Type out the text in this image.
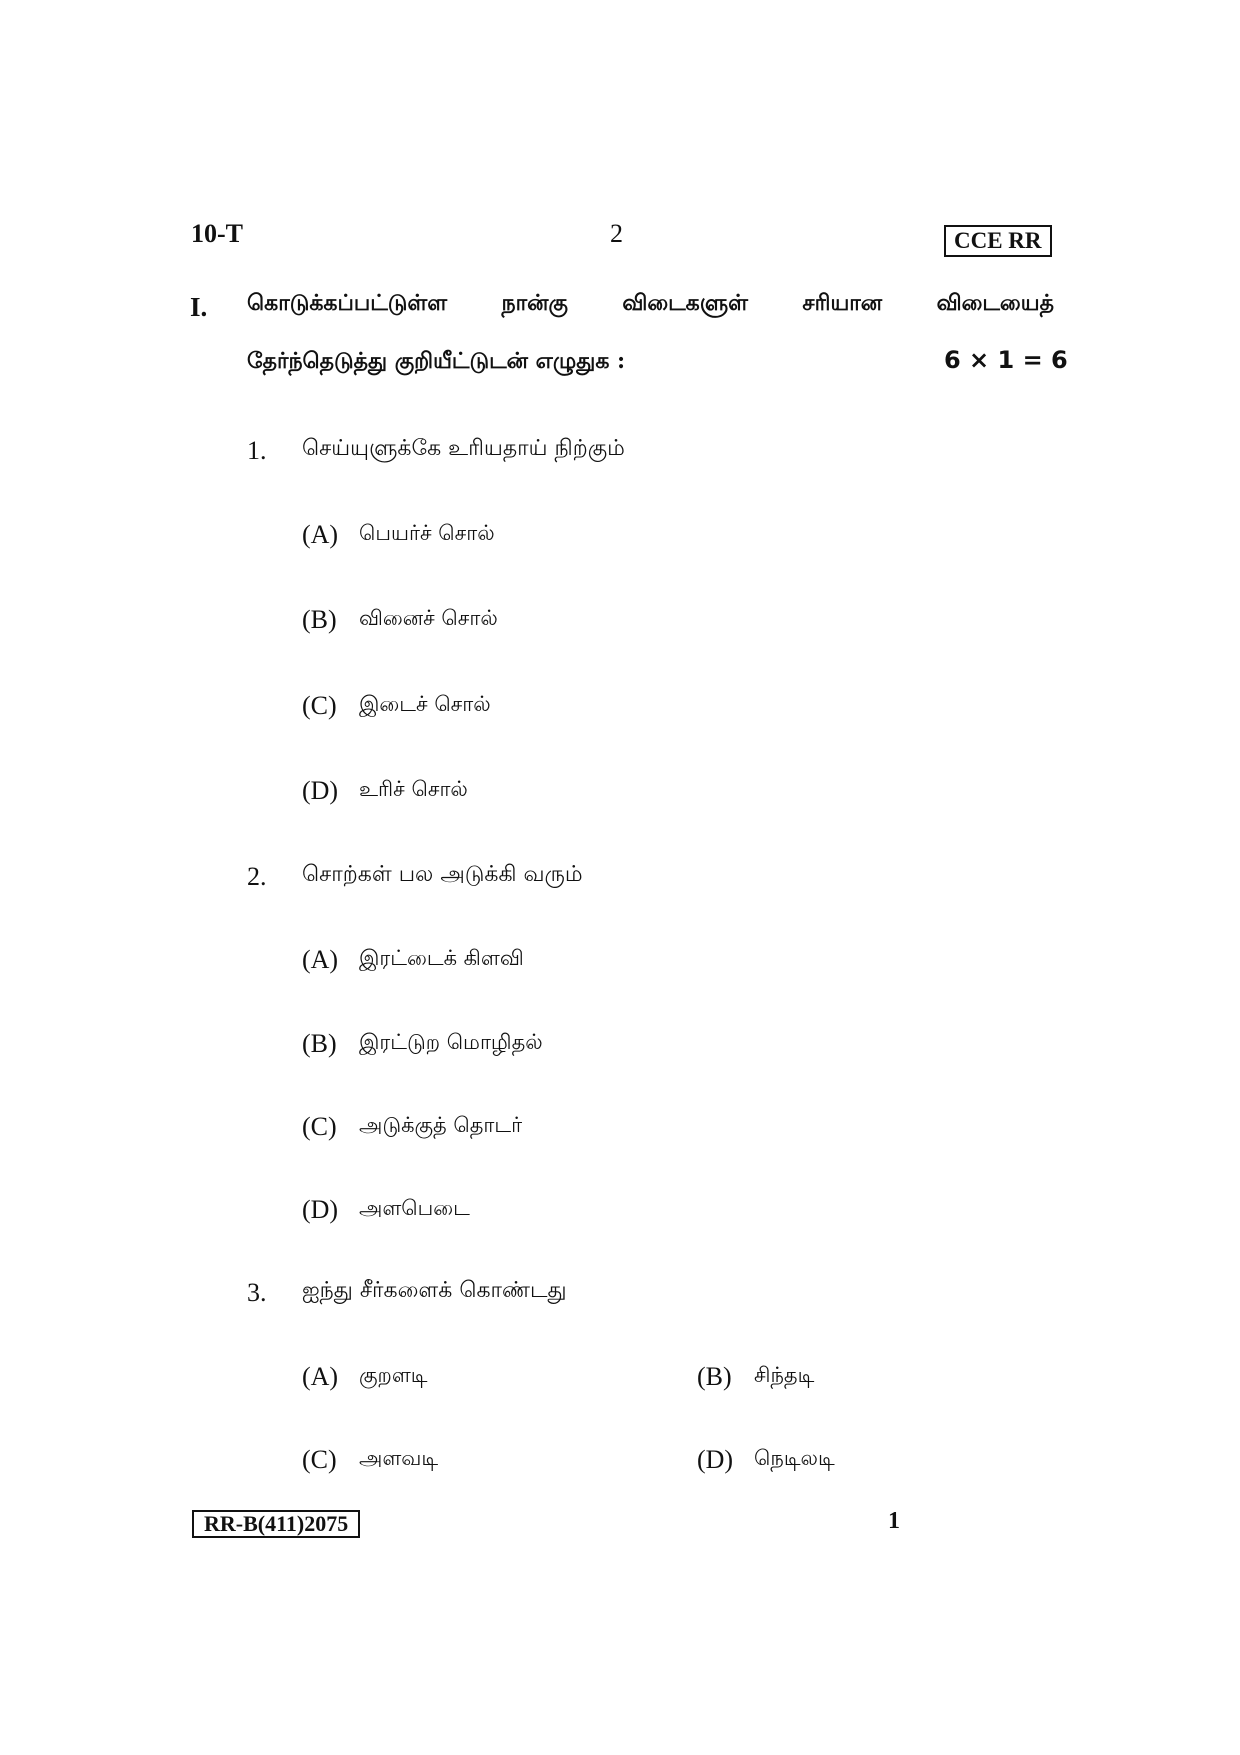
10-T	2	CCE RR
I. கொடுக்கப்பட்டுள்ள நான்கு விடைகளுள் சரியான விடையைத்
தேர்ந்தெடுத்து குறியீட்டுடன் எழுதுக :	6 × 1 = 6
1. செய்யுளுக்கே உரியதாய் நிற்கும்
(A) பெயர்ச் சொல்
(B) வினைச் சொல்
(C) இடைச் சொல்
(D) உரிச் சொல்
2. சொற்கள் பல அடுக்கி வரும்
(A) இரட்டைக் கிளவி
(B) இரட்டுற மொழிதல்
(C) அடுக்குத் தொடர்
(D) அளபெடை
3. ஐந்து சீர்களைக் கொண்டது
(A) குறளடி	(B) சிந்தடி
(C) அளவடி	(D) நெடிலடி
RR-B(411)2075	1
